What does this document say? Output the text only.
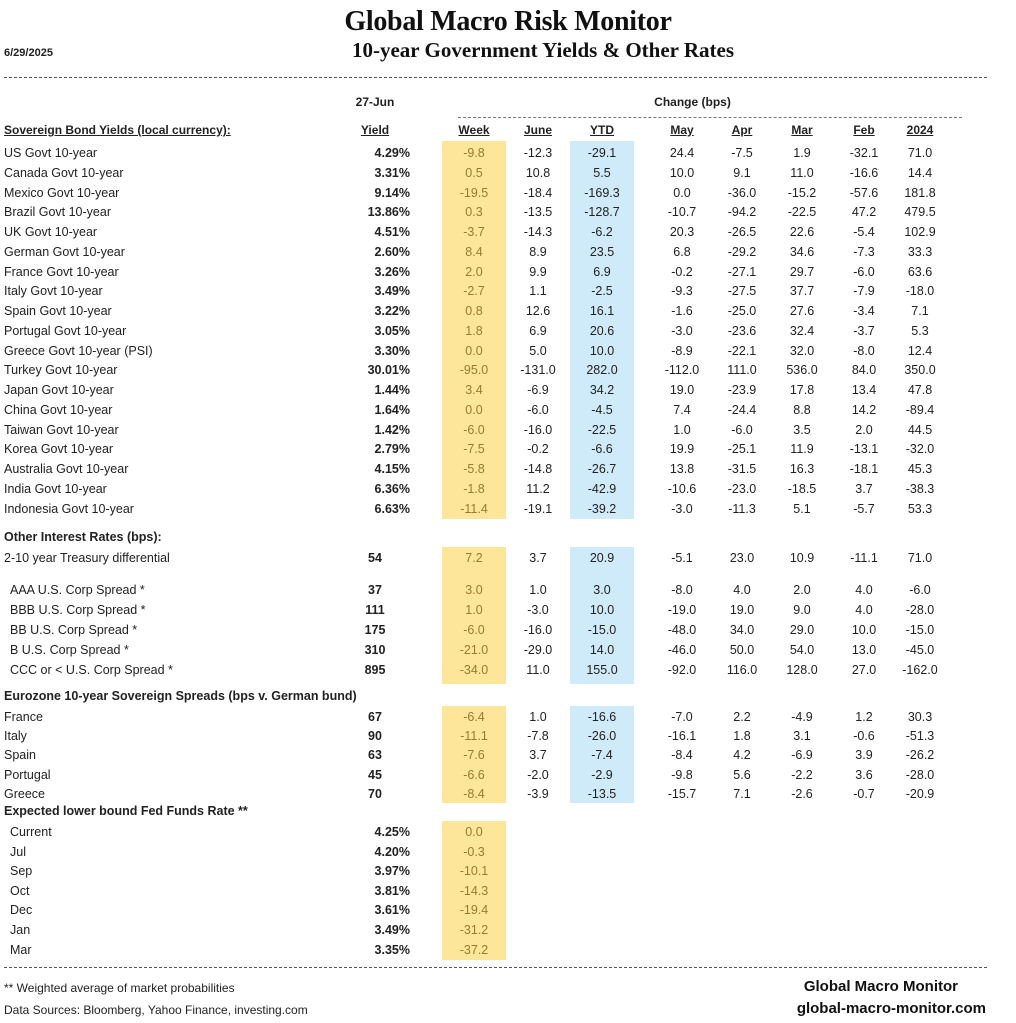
Global Macro Risk Monitor
10-year Government Yields & Other Rates
6/29/2025
27-Jun	Change (bps)
Sovereign Bond Yields (local currency):	Yield	Week	June	YTD	May	Apr	Mar	Feb	2024
US Govt 10-year	4.29%	-9.8	-12.3	-29.1	24.4	-7.5	1.9	-32.1	71.0
Canada Govt 10-year	3.31%	0.5	10.8	5.5	10.0	9.1	11.0	-16.6	14.4
Mexico Govt 10-year	9.14%	-19.5	-18.4	-169.3	0.0	-36.0	-15.2	-57.6	181.8
Brazil Govt 10-year	13.86%	0.3	-13.5	-128.7	-10.7	-94.2	-22.5	47.2	479.5
UK Govt 10-year	4.51%	-3.7	-14.3	-6.2	20.3	-26.5	22.6	-5.4	102.9
German Govt 10-year	2.60%	8.4	8.9	23.5	6.8	-29.2	34.6	-7.3	33.3
France Govt 10-year	3.26%	2.0	9.9	6.9	-0.2	-27.1	29.7	-6.0	63.6
Italy Govt 10-year	3.49%	-2.7	1.1	-2.5	-9.3	-27.5	37.7	-7.9	-18.0
Spain Govt 10-year	3.22%	0.8	12.6	16.1	-1.6	-25.0	27.6	-3.4	7.1
Portugal Govt 10-year	3.05%	1.8	6.9	20.6	-3.0	-23.6	32.4	-3.7	5.3
Greece Govt 10-year (PSI)	3.30%	0.0	5.0	10.0	-8.9	-22.1	32.0	-8.0	12.4
Turkey Govt 10-year	30.01%	-95.0	-131.0	282.0	-112.0	111.0	536.0	84.0	350.0
Japan Govt 10-year	1.44%	3.4	-6.9	34.2	19.0	-23.9	17.8	13.4	47.8
China Govt 10-year	1.64%	0.0	-6.0	-4.5	7.4	-24.4	8.8	14.2	-89.4
Taiwan Govt 10-year	1.42%	-6.0	-16.0	-22.5	1.0	-6.0	3.5	2.0	44.5
Korea Govt 10-year	2.79%	-7.5	-0.2	-6.6	19.9	-25.1	11.9	-13.1	-32.0
Australia Govt 10-year	4.15%	-5.8	-14.8	-26.7	13.8	-31.5	16.3	-18.1	45.3
India Govt 10-year	6.36%	-1.8	11.2	-42.9	-10.6	-23.0	-18.5	3.7	-38.3
Indonesia Govt 10-year	6.63%	-11.4	-19.1	-39.2	-3.0	-11.3	5.1	-5.7	53.3
Other Interest Rates (bps):
2-10 year Treasury differential	54	7.2	3.7	20.9	-5.1	23.0	10.9	-11.1	71.0
AAA U.S. Corp Spread *	37	3.0	1.0	3.0	-8.0	4.0	2.0	4.0	-6.0
BBB U.S. Corp Spread *	111	1.0	-3.0	10.0	-19.0	19.0	9.0	4.0	-28.0
BB U.S. Corp Spread *	175	-6.0	-16.0	-15.0	-48.0	34.0	29.0	10.0	-15.0
B U.S. Corp Spread *	310	-21.0	-29.0	14.0	-46.0	50.0	54.0	13.0	-45.0
CCC or < U.S. Corp Spread *	895	-34.0	11.0	155.0	-92.0	116.0	128.0	27.0	-162.0
Eurozone 10-year Sovereign Spreads (bps v. German bund)
France	67	-6.4	1.0	-16.6	-7.0	2.2	-4.9	1.2	30.3
Italy	90	-11.1	-7.8	-26.0	-16.1	1.8	3.1	-0.6	-51.3
Spain	63	-7.6	3.7	-7.4	-8.4	4.2	-6.9	3.9	-26.2
Portugal	45	-6.6	-2.0	-2.9	-9.8	5.6	-2.2	3.6	-28.0
Greece	70	-8.4	-3.9	-13.5	-15.7	7.1	-2.6	-0.7	-20.9
Expected lower bound Fed Funds Rate **
Current	4.25%	0.0
Jul	4.20%	-0.3
Sep	3.97%	-10.1
Oct	3.81%	-14.3
Dec	3.61%	-19.4
Jan	3.49%	-31.2
Mar	3.35%	-37.2
** Weighted average of market probabilities
Data Sources: Bloomberg, Yahoo Finance, investing.com
Global Macro Monitor
global-macro-monitor.com
